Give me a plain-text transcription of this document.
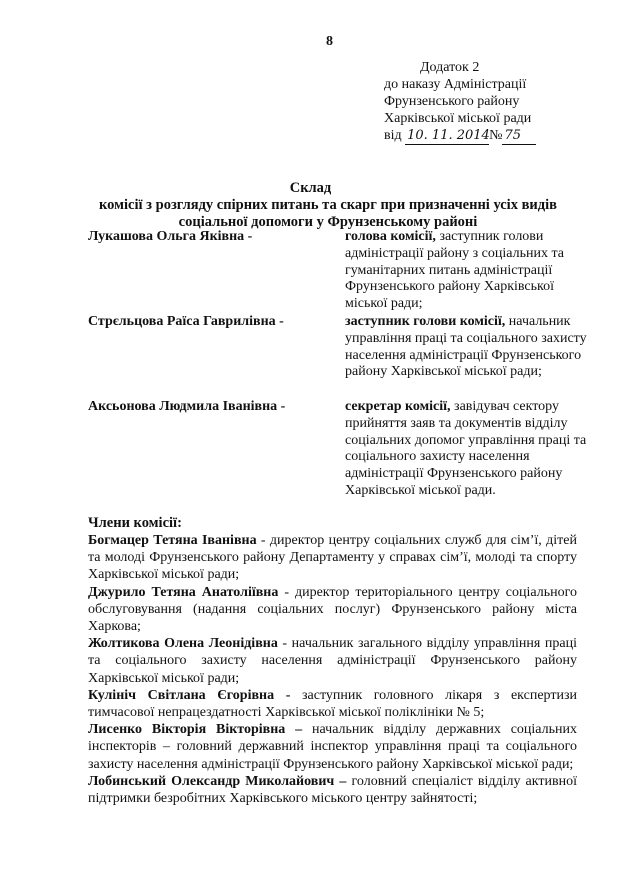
8
Додаток 2
до наказу Адміністрації
Фрунзенського району
Харківської міської ради
від 10. 11. 2014№ 75
Склад
комісії з розгляду спірних питань та скарг при призначенні усіх видів
соціальної допомоги у Фрунзенському районі
Лукашова Ольга Яківна -	голова комісії, заступник голови адміністрації району з соціальних та гуманітарних питань адміністрації Фрунзенського району Харківської міської ради;
Стрєльцова Раїса Гаврилівна -	заступник голови комісії, начальник управління праці та соціального захисту населення адміністрації Фрунзенського району Харківської міської ради;
Аксьонова Людмила Іванівна -	секретар комісії, завідувач сектору прийняття заяв та документів відділу соціальних допомог управління праці та соціального захисту населення адміністрації Фрунзенського району Харківської міської ради.
Члени комісії:
Богмацер Тетяна Іванівна - директор центру соціальних служб для сім’ї, дітей та молоді Фрунзенського району Департаменту у справах сім’ї, молоді та спорту Харківської міської ради;
Джурило Тетяна Анатоліївна - директор територіального центру соціального обслуговування (надання соціальних послуг) Фрунзенського району міста Харкова;
Жолтикова Олена Леонідівна - начальник загального відділу управління праці та соціального захисту населення адміністрації Фрунзенського району Харківської міської ради;
Кулініч Світлана Єгорівна - заступник головного лікаря з експертизи тимчасової непрацездатності Харківської міської поліклініки № 5;
Лисенко Вікторія Вікторівна – начальник відділу державних соціальних інспекторів – головний державний інспектор управління праці та соціального захисту населення адміністрації Фрунзенського району Харківської міської ради;
Лобинський Олександр Миколайович – головний спеціаліст відділу активної підтримки безробітних Харківського міського центру зайнятості;
